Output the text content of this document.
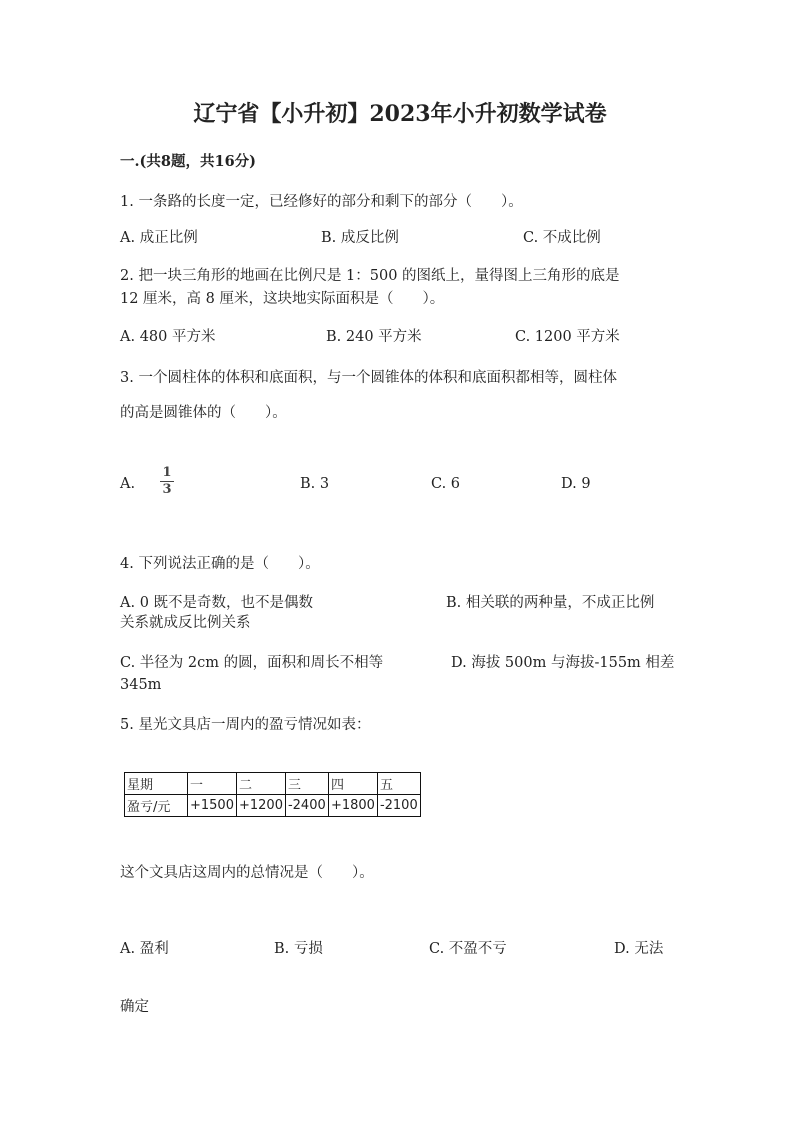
辽宁省【小升初】2023年小升初数学试卷
一.(共8题，共16分)
1. 一条路的长度一定，已经修好的部分和剩下的部分（　　）。
A. 成正比例	B. 成反比例	C. 不成比例
2. 把一块三角形的地画在比例尺是 1：500 的图纸上，量得图上三角形的底是
12 厘米，高 8 厘米，这块地实际面积是（　　）。
A. 480 平方米	B. 240 平方米	C. 1200 平方米
3. 一个圆柱体的体积和底面积，与一个圆锥体的体积和底面积都相等，圆柱体
的高是圆锥体的（　　）。
A.
1
3	B. 3	C. 6	D. 9
4. 下列说法正确的是（　　）。
A. 0 既不是奇数，也不是偶数	B. 相关联的两种量，不成正比例
关系就成反比例关系
C. 半径为 2cm 的圆，面积和周长不相等	D. 海拔 500m 与海拔-155m 相差
345m
5. 星光文具店一周内的盈亏情况如表：
星期	一	二	三	四	五
盈亏/元	+1500	+1200	-2400	+1800	-2100
这个文具店这周内的总情况是（　　）。
A. 盈利	B. 亏损	C. 不盈不亏	D. 无法
确定
